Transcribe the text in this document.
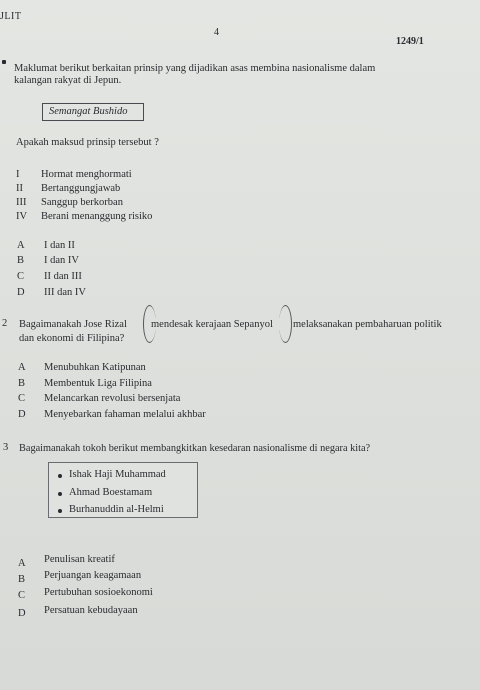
JLIT
4
1249/1
Maklumat berikut berkaitan prinsip yang dijadikan asas membina nasionalisme dalam
kalangan rakyat di Jepun.
Semangat Bushido
Apakah maksud prinsip tersebut ?
I Hormat menghormati
II Bertanggungjawab
III Sanggup berkorban
IV Berani menanggung risiko
A I dan II
B I dan IV
C II dan III
D III dan IV
2 Bagaimanakah Jose Rizal mendesak kerajaan Sepanyol melaksanakan pembaharuan politik
dan ekonomi di Filipina?
A Menubuhkan Katipunan
B Membentuk Liga Filipina
C Melancarkan revolusi bersenjata
D Menyebarkan fahaman melalui akhbar
3 Bagaimanakah tokoh berikut membangkitkan kesedaran nasionalisme di negara kita?
Ishak Haji Muhammad
Ahmad Boestamam
Burhanuddin al-Helmi
A Penulisan kreatif
B Perjuangan keagamaan
C Pertubuhan sosioekonomi
D Persatuan kebudayaan
